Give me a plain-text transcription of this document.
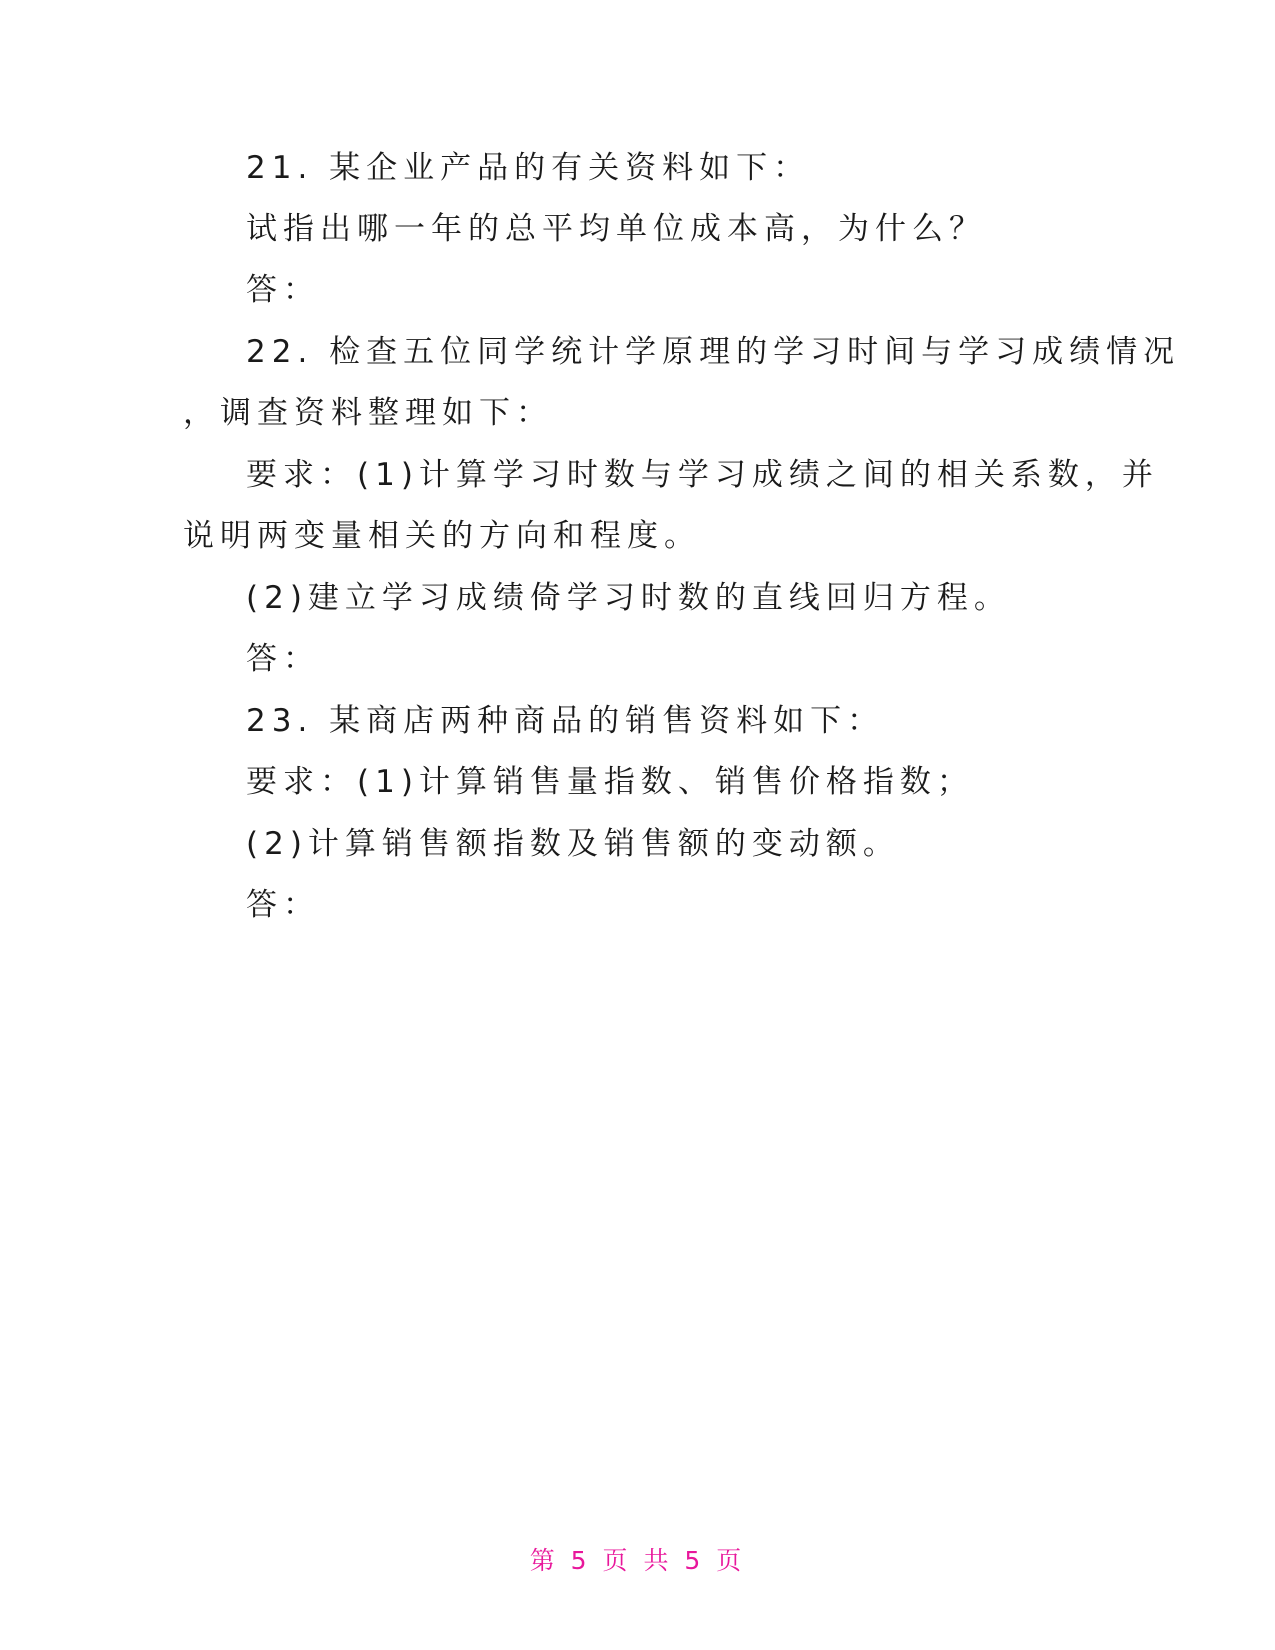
21. 某企业产品的有关资料如下：
试指出哪一年的总平均单位成本高，为什么？
答：
22. 检查五位同学统计学原理的学习时间与学习成绩情况
，调查资料整理如下：
要求：(1)计算学习时数与学习成绩之间的相关系数，并
说明两变量相关的方向和程度。
(2)建立学习成绩倚学习时数的直线回归方程。
答：
23. 某商店两种商品的销售资料如下：
要求：(1)计算销售量指数、销售价格指数；
(2)计算销售额指数及销售额的变动额。
答：
第 5 页 共 5 页
